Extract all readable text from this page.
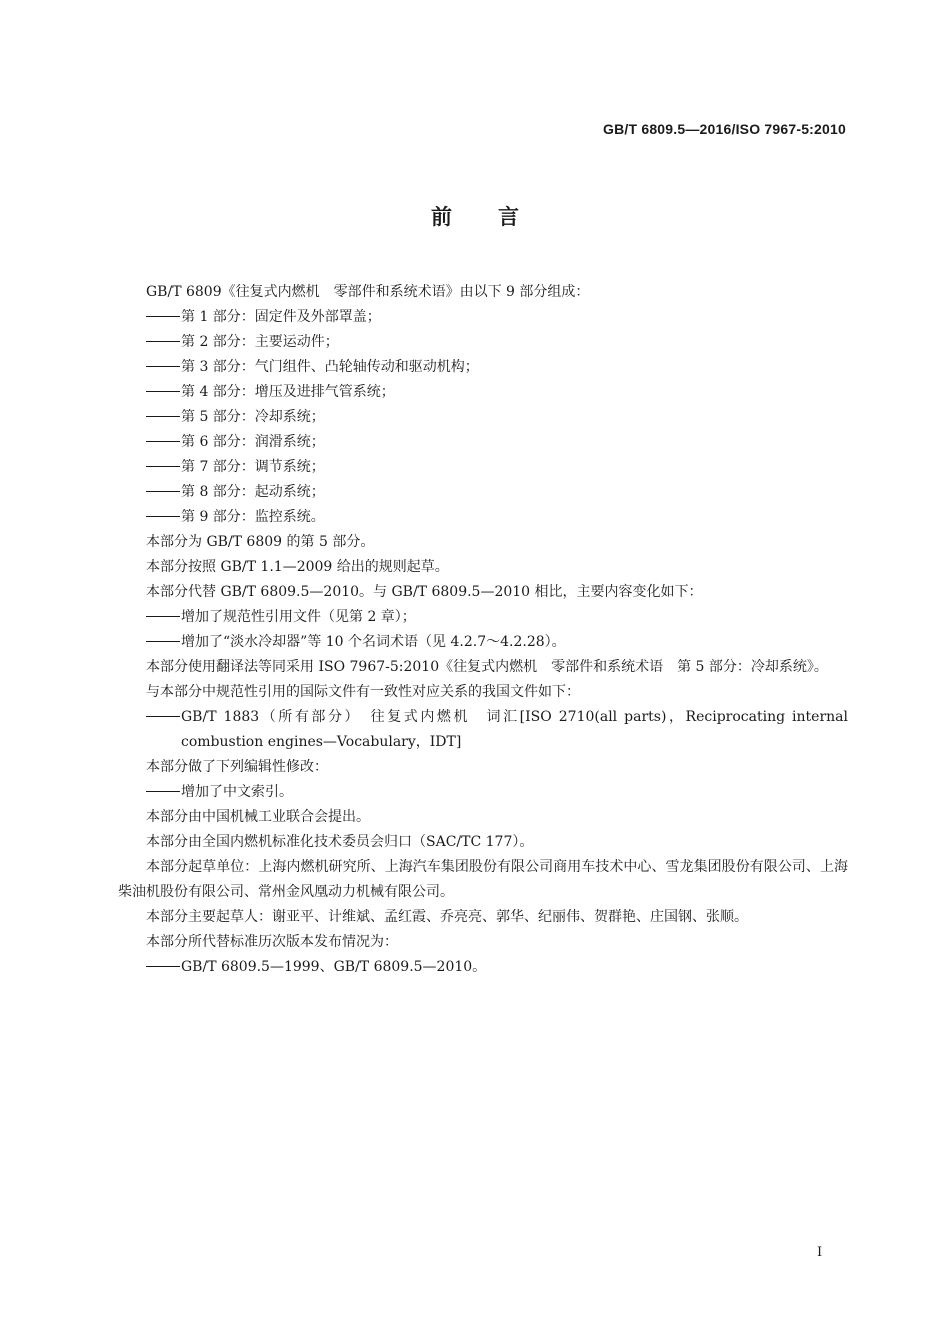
GB/T 6809.5—2016/ISO 7967-5:2010
前言

GB/T 6809《往复式内燃机　零部件和系统术语》由以下 9 部分组成：

第 1 部分：固定件及外部罩盖；

第 2 部分：主要运动件；

第 3 部分：气门组件、凸轮轴传动和驱动机构；

第 4 部分：增压及进排气管系统；

第 5 部分：冷却系统；

第 6 部分：润滑系统；

第 7 部分：调节系统；

第 8 部分：起动系统；

第 9 部分：监控系统。

本部分为 GB/T 6809 的第 5 部分。

本部分按照 GB/T 1.1—2009 给出的规则起草。

本部分代替 GB/T 6809.5—2010。与 GB/T 6809.5—2010 相比，主要内容变化如下：

增加了规范性引用文件（见第 2 章）；

增加了“淡水冷却器”等 10 个名词术语（见 4.2.7～4.2.28）。

本部分使用翻译法等同采用 ISO 7967-5:2010《往复式内燃机　零部件和系统术语　第 5 部分：冷却系统》。

与本部分中规范性引用的国际文件有一致性对应关系的我国文件如下：

GB/T 1883（所有部分）　往复式内燃机　词汇[ISO 2710(all parts)，Reciprocating internal combustion engines—Vocabulary，IDT]

本部分做了下列编辑性修改：

增加了中文索引。

本部分由中国机械工业联合会提出。

本部分由全国内燃机标准化技术委员会归口（SAC/TC 177）。

本部分起草单位：上海内燃机研究所、上海汽车集团股份有限公司商用车技术中心、雪龙集团股份有限公司、上海柴油机股份有限公司、常州金风凰动力机械有限公司。

本部分主要起草人：谢亚平、计维斌、孟红霞、乔亮亮、郭华、纪丽伟、贺群艳、庄国钢、张顺。

本部分所代替标准历次版本发布情况为：

GB/T 6809.5—1999、GB/T 6809.5—2010。

I
